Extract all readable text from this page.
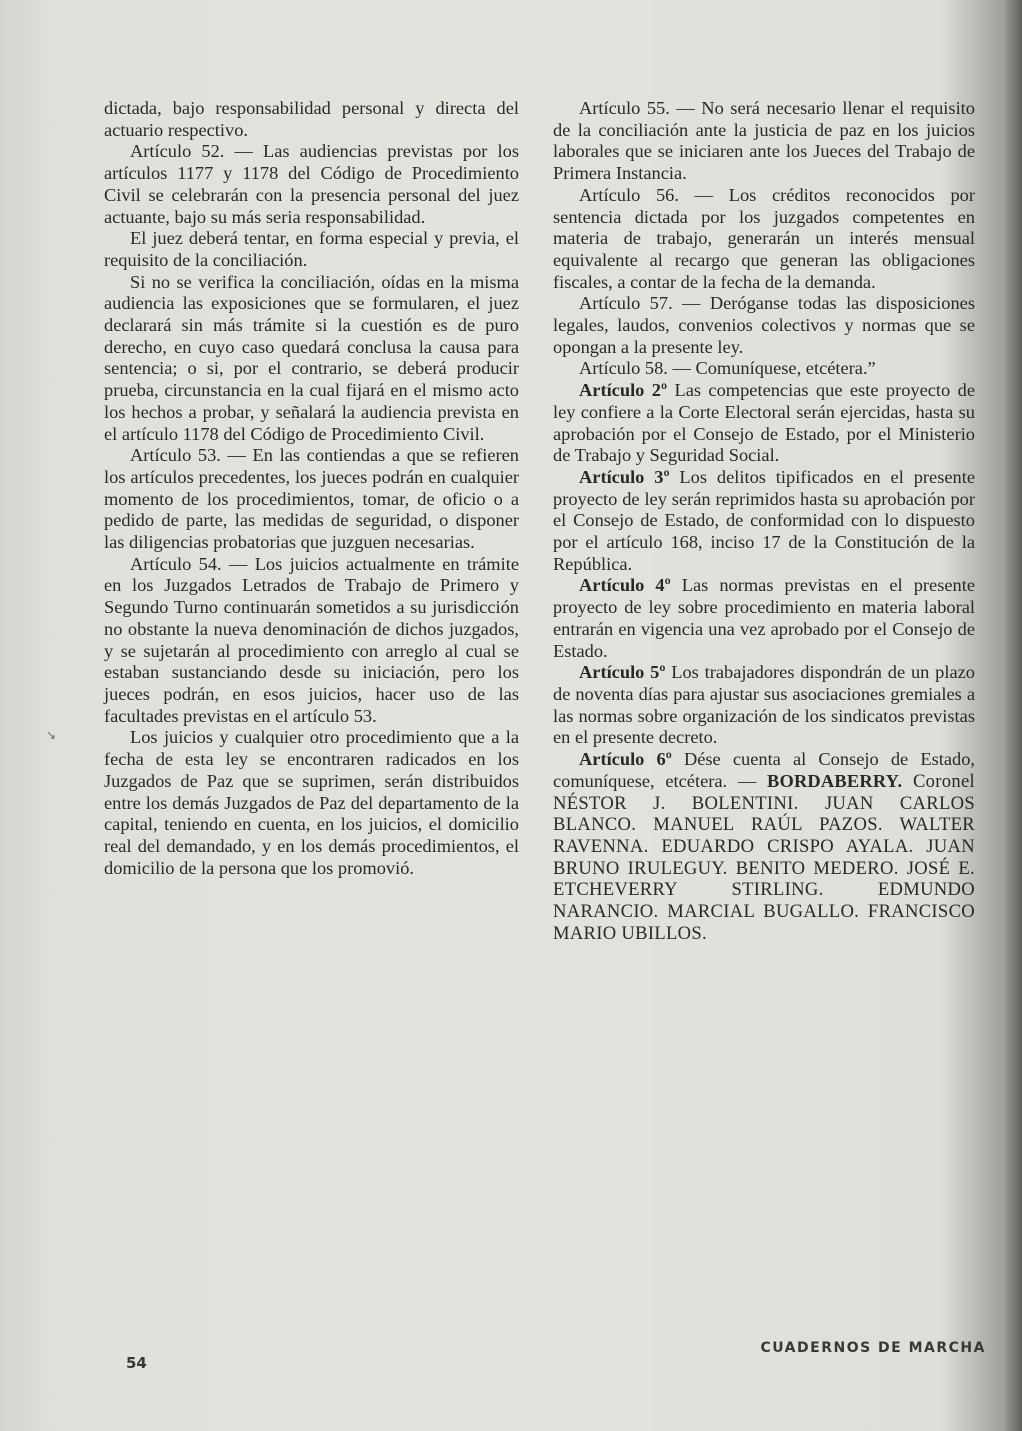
↘

dictada, bajo responsabilidad personal y directa del actuario respectivo.

Artículo 52. — Las audiencias previstas por los artículos 1177 y 1178 del Código de Procedimiento Civil se celebrarán con la presencia personal del juez actuante, bajo su más seria responsabilidad.

El juez deberá tentar, en forma especial y previa, el requisito de la conciliación.

Si no se verifica la conciliación, oídas en la misma audiencia las exposiciones que se formularen, el juez declarará sin más trámite si la cuestión es de puro derecho, en cuyo caso quedará conclusa la causa para sentencia; o si, por el contrario, se deberá producir prueba, circunstancia en la cual fijará en el mismo acto los hechos a probar, y señalará la audiencia prevista en el artículo 1178 del Código de Procedimiento Civil.

Artículo 53. — En las contiendas a que se refieren los artículos precedentes, los jueces podrán en cualquier momento de los procedimientos, tomar, de oficio o a pedido de parte, las medidas de seguridad, o disponer las diligencias probatorias que juzguen necesarias.

Artículo 54. — Los juicios actualmente en trámite en los Juzgados Letrados de Trabajo de Primero y Segundo Turno continuarán sometidos a su jurisdicción no obstante la nueva denominación de dichos juzgados, y se sujetarán al procedimiento con arreglo al cual se estaban sustanciando desde su iniciación, pero los jueces podrán, en esos juicios, hacer uso de las facultades previstas en el artículo 53.

Los juicios y cualquier otro procedimiento que a la fecha de esta ley se encontraren radicados en los Juzgados de Paz que se suprimen, serán distribuidos entre los demás Juzgados de Paz del departamento de la capital, teniendo en cuenta, en los juicios, el domicilio real del demandado, y en los demás procedimientos, el domicilio de la persona que los promovió.

Artículo 55. — No será necesario llenar el requisito de la conciliación ante la justicia de paz en los juicios laborales que se iniciaren ante los Jueces del Trabajo de Primera Instancia.

Artículo 56. — Los créditos reconocidos por sentencia dictada por los juzgados competentes en materia de trabajo, generarán un interés mensual equivalente al recargo que generan las obligaciones fiscales, a contar de la fecha de la demanda.

Artículo 57. — Deróganse todas las disposiciones legales, laudos, convenios colectivos y normas que se opongan a la presente ley.

Artículo 58. — Comuníquese, etcétera.”

Artículo 2º Las competencias que este proyecto de ley confiere a la Corte Electoral serán ejercidas, hasta su aprobación por el Consejo de Estado, por el Ministerio de Trabajo y Seguridad Social.

Artículo 3º Los delitos tipificados en el presente proyecto de ley serán reprimidos hasta su aprobación por el Consejo de Estado, de conformidad con lo dispuesto por el artículo 168, inciso 17 de la Constitución de la República.

Artículo 4º Las normas previstas en el presente proyecto de ley sobre procedimiento en materia laboral entrarán en vigencia una vez aprobado por el Consejo de Estado.

Artículo 5º Los trabajadores dispondrán de un plazo de noventa días para ajustar sus asociaciones gremiales a las normas sobre organización de los sindicatos previstas en el presente decreto.

Artículo 6º Dése cuenta al Consejo de Estado, comuníquese, etcétera. — BORDABERRY. Coronel NÉSTOR J. BOLENTINI. JUAN CARLOS BLANCO. MANUEL RAÚL PAZOS. WALTER RAVENNA. EDUARDO CRISPO AYALA. JUAN BRUNO IRULEGUY. BENITO MEDERO. JOSÉ E. ETCHEVERRY STIRLING. EDMUNDO NARANCIO. MARCIAL BUGALLO. FRANCISCO MARIO UBILLOS.

54
CUADERNOS DE MARCHA
